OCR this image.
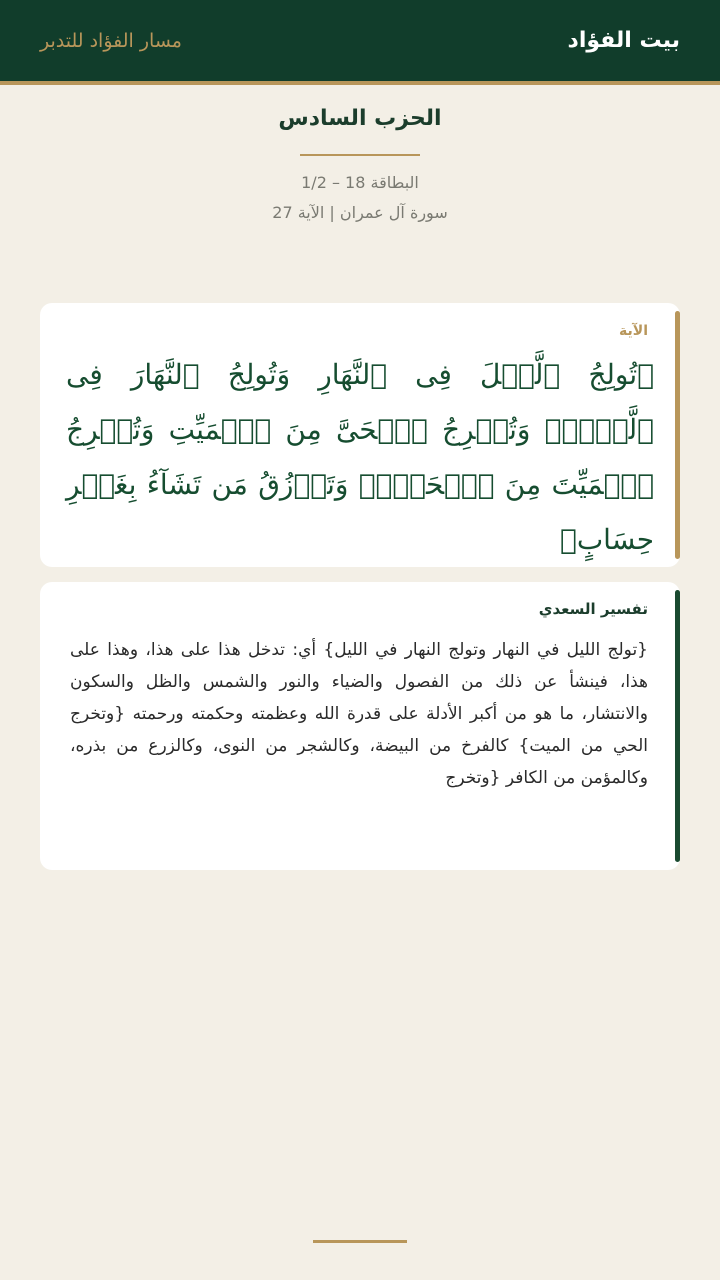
بيت الفؤاد
مسار الفؤاد للتدبر
الحزب السادس
البطاقة 18 – 1/2
سورة آل عمران | الآية 27
الآية
﴿تُولِجُ ٱلَّيۡلَ فِى ٱلنَّهَارِ وَتُولِجُ ٱلنَّهَارَ فِى ٱلَّيۡلِۖ وَتُخۡرِجُ ٱلۡحَىَّ مِنَ ٱلۡمَيِّتِ وَتُخۡرِجُ ٱلۡمَيِّتَ مِنَ ٱلۡحَىِّۖ وَتَرۡزُقُ مَن تَشَآءُ بِغَيۡرِ حِسَابٍ﴾
تفسير السعدي
{تولج الليل في النهار وتولج النهار في الليل} أي: تدخل هذا على هذا، وهذا على هذا، فينشأ عن ذلك من الفصول والضياء والنور والشمس والظل والسكون والانتشار، ما هو من أكبر الأدلة على قدرة الله وعظمته وحكمته ورحمته {وتخرج الحي من الميت} كالفرخ من البيضة، وكالشجر من النوى، وكالزرع من بذره، وكالمؤمن من الكافر {وتخرج
